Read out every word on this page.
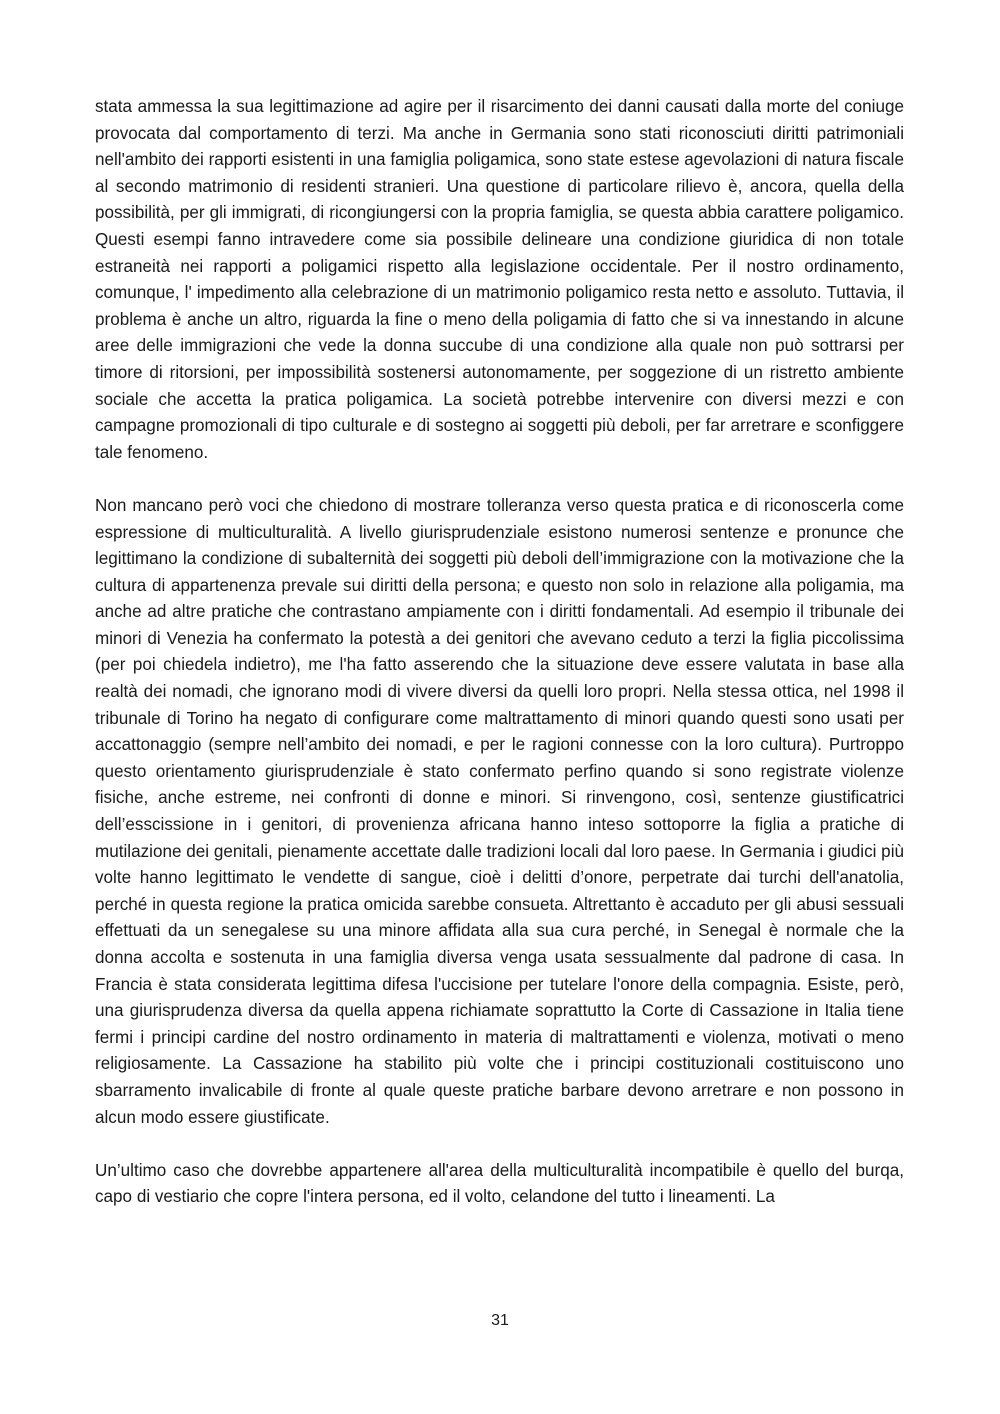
stata ammessa la sua legittimazione ad agire per il risarcimento dei danni causati dalla morte del coniuge provocata dal comportamento di terzi. Ma anche in Germania sono stati riconosciuti diritti patrimoniali nell'ambito dei rapporti esistenti in una famiglia poligamica, sono state estese agevolazioni di natura fiscale al secondo matrimonio di residenti stranieri. Una questione di particolare rilievo è, ancora, quella della possibilità, per gli immigrati, di ricongiungersi con la propria famiglia, se questa abbia carattere poligamico. Questi esempi fanno intravedere come sia possibile delineare una condizione giuridica di non totale estraneità nei rapporti a poligamici rispetto alla legislazione occidentale. Per il nostro ordinamento, comunque, l' impedimento alla celebrazione di un matrimonio poligamico resta netto e assoluto. Tuttavia, il problema è anche un altro, riguarda la fine o meno della poligamia di fatto che si va innestando in alcune aree delle immigrazioni che vede la donna succube di una condizione alla quale non può sottrarsi per timore di ritorsioni, per impossibilità sostenersi autonomamente, per soggezione di un ristretto ambiente sociale che accetta la pratica poligamica. La società potrebbe intervenire con diversi mezzi e con campagne promozionali di tipo culturale e di sostegno ai soggetti più deboli, per far arretrare e sconfiggere tale fenomeno.

Non mancano però voci che chiedono di mostrare tolleranza verso questa pratica e di riconoscerla come espressione di multiculturalità. A livello giurisprudenziale esistono numerosi sentenze e pronunce che legittimano la condizione di subalternità dei soggetti più deboli dell’immigrazione con la motivazione che la cultura di appartenenza prevale sui diritti della persona; e questo non solo in relazione alla poligamia, ma anche ad altre pratiche che contrastano ampiamente con i diritti fondamentali. Ad esempio il tribunale dei minori di Venezia ha confermato la potestà a dei genitori che avevano ceduto a terzi la figlia piccolissima (per poi chiedela indietro), me l'ha fatto asserendo che la situazione deve essere valutata in base alla realtà dei nomadi, che ignorano modi di vivere diversi da quelli loro propri. Nella stessa ottica, nel 1998 il tribunale di Torino ha negato di configurare come maltrattamento di minori quando questi sono usati per accattonaggio (sempre nell’ambito dei nomadi, e per le ragioni connesse con la loro cultura). Purtroppo questo orientamento giurisprudenziale è stato confermato perfino quando si sono registrate violenze fisiche, anche estreme, nei confronti di donne e minori. Si rinvengono, così, sentenze giustificatrici dell’esscissione in i genitori, di provenienza africana hanno inteso sottoporre la figlia a pratiche di mutilazione dei genitali, pienamente accettate dalle tradizioni locali dal loro paese. In Germania i giudici più volte hanno legittimato le vendette di sangue, cioè i delitti d’onore, perpetrate dai turchi dell'anatolia, perché in questa regione la pratica omicida sarebbe consueta. Altrettanto è accaduto per gli abusi sessuali effettuati da un senegalese su una minore affidata alla sua cura perché, in Senegal è normale che la donna accolta e sostenuta in una famiglia diversa venga usata sessualmente dal padrone di casa. In Francia è stata considerata legittima difesa l'uccisione per tutelare l'onore della compagnia. Esiste, però, una giurisprudenza diversa da quella appena richiamate soprattutto la Corte di Cassazione in Italia tiene fermi i principi cardine del nostro ordinamento in materia di maltrattamenti e violenza, motivati o meno religiosamente. La Cassazione ha stabilito più volte che i principi costituzionali costituiscono uno sbarramento invalicabile di fronte al quale queste pratiche barbare devono arretrare e non possono in alcun modo essere giustificate.

Un’ultimo caso che dovrebbe appartenere all'area della multiculturalità incompatibile è quello del burqa, capo di vestiario che copre l'intera persona, ed il volto, celandone del tutto i lineamenti. La

31
